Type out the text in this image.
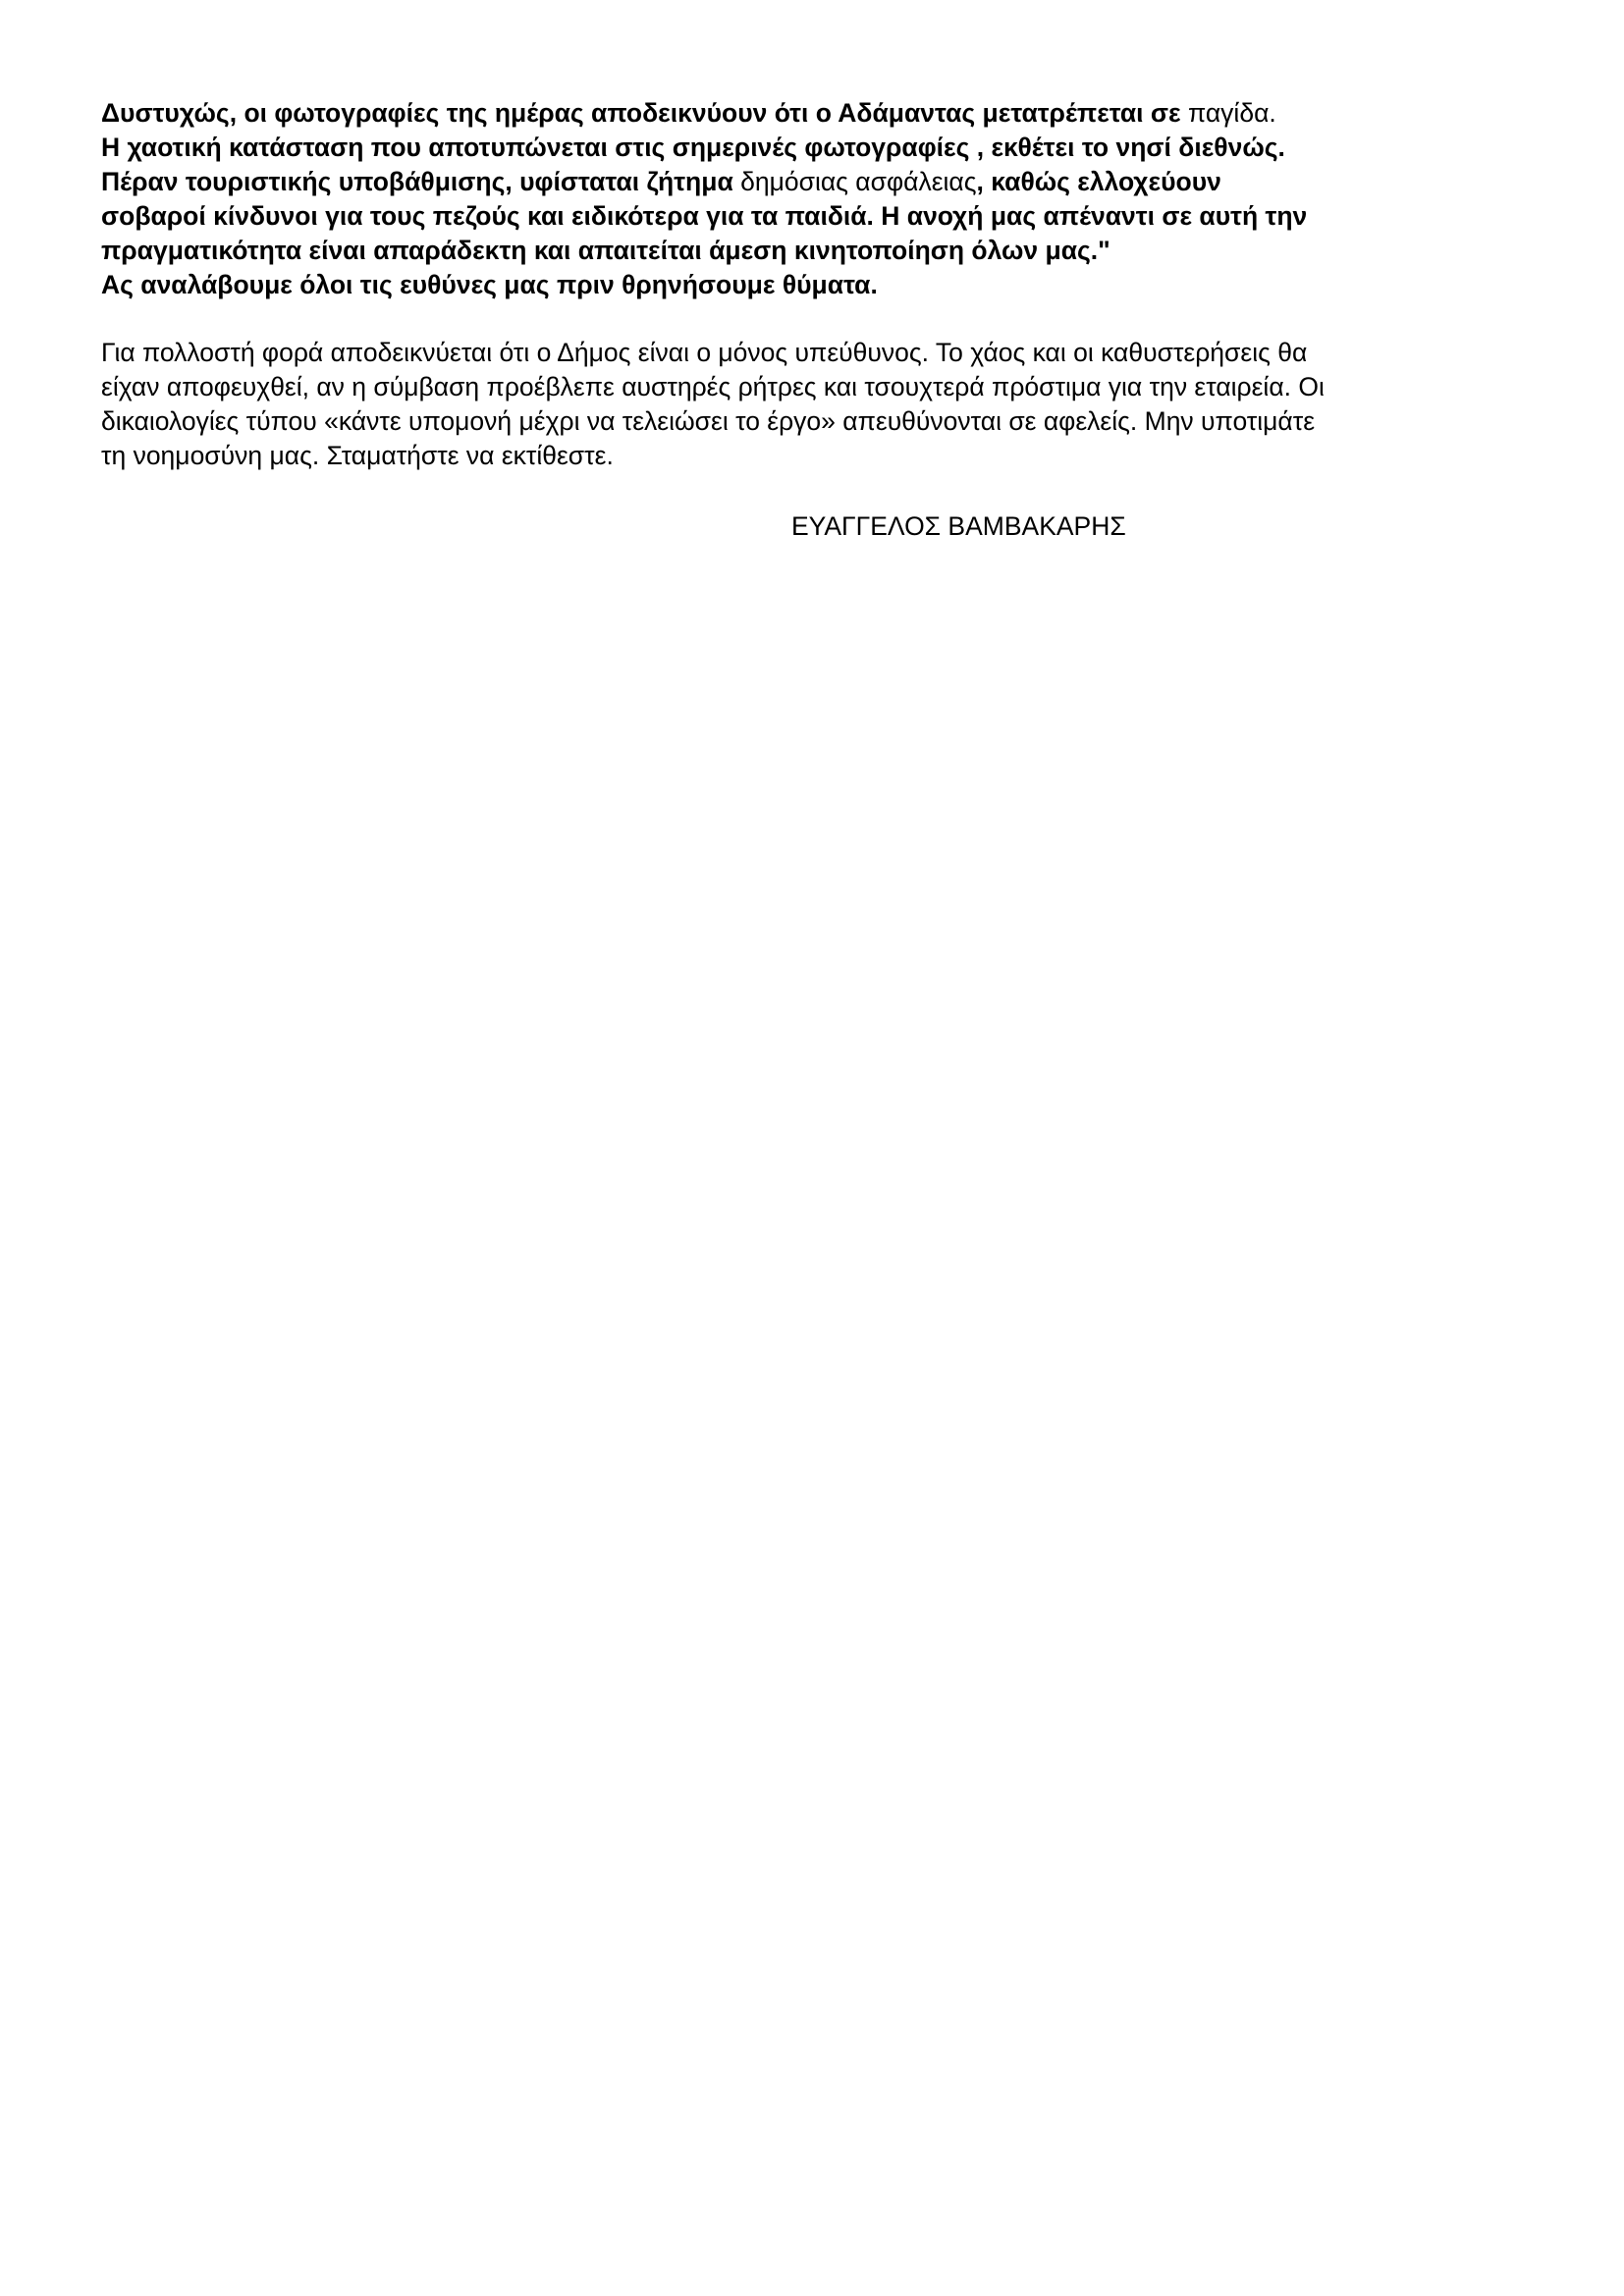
Δυστυχώς, οι φωτογραφίες της ημέρας αποδεικνύουν ότι ο Αδάμαντας μετατρέπεται σε παγίδα.
Η χαοτική κατάσταση που αποτυπώνεται στις σημερινές φωτογραφίες , εκθέτει το νησί διεθνώς.
Πέραν τουριστικής υποβάθμισης, υφίσταται ζήτημα δημόσιας ασφάλειας, καθώς ελλοχεύουν
σοβαροί κίνδυνοι για τους πεζούς και ειδικότερα για τα παιδιά. Η ανοχή μας απέναντι σε αυτή την
πραγματικότητα είναι απαράδεκτη και απαιτείται άμεση κινητοποίηση όλων μας."
Ας αναλάβουμε όλοι τις ευθύνες μας πριν θρηνήσουμε θύματα.
Για πολλοστή φορά αποδεικνύεται ότι ο Δήμος είναι ο μόνος υπεύθυνος. Το χάος και οι καθυστερήσεις θα
είχαν αποφευχθεί, αν η σύμβαση προέβλεπε αυστηρές ρήτρες και τσουχτερά πρόστιμα για την εταιρεία. Οι
δικαιολογίες τύπου «κάντε υπομονή μέχρι να τελειώσει το έργο» απευθύνονται σε αφελείς. Μην υποτιμάτε
τη νοημοσύνη μας. Σταματήστε να εκτίθεστε.

ΕΥΑΓΓΕΛΟΣ ΒΑΜΒΑΚΑΡΗΣ
